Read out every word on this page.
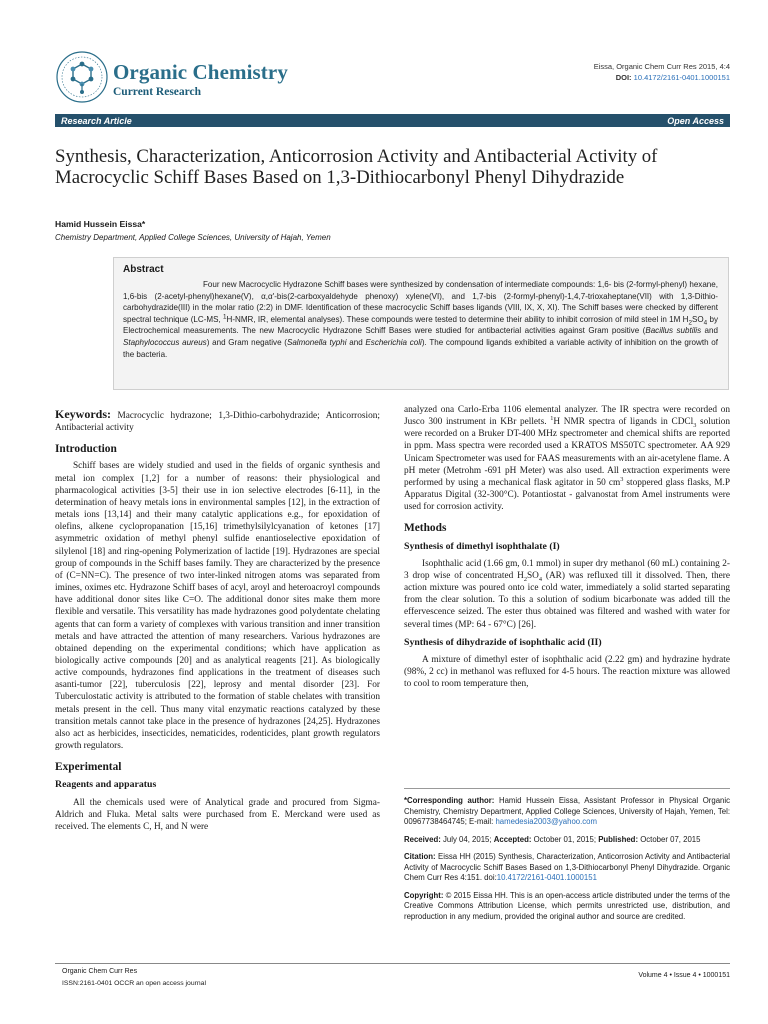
Organic Chemistry
Current Research
Eissa, Organic Chem Curr Res 2015, 4:4
DOI: 10.4172/2161-0401.1000151
Research Article	Open Access
Synthesis, Characterization, Anticorrosion Activity and Antibacterial Activity of Macrocyclic Schiff Bases Based on 1,3-Dithiocarbonyl Phenyl Dihydrazide
Hamid Hussein Eissa*
Chemistry Department, Applied College Sciences, University of Hajah, Yemen
Abstract
Four new Macrocyclic Hydrazone Schiff bases were synthesized by condensation of intermediate compounds: 1,6- bis (2-formyl-phenyl) hexane, 1,6-bis (2-acetyl-phenyl)hexane(V), α,α'-bis(2-carboxyaldehyde phenoxy) xylene(VI), and 1,7-bis (2-formyl-phenyl)-1,4,7-trioxaheptane(VII) with 1,3-Dithio-carbohydrazide(III) in the molar ratio (2:2) in DMF. Identification of these macrocyclic Schiff bases ligands (VIII, IX, X, XI). The Schiff bases were checked by different spectral technique (LC-MS, $^1$H-NMR, IR, elemental analyses). These compounds were tested to determine their ability to inhibit corrosion of mild steel in 1M $H_2SO_4$ by Electrochemical measurements. The new Macrocyclic Hydrazone Schiff Bases were studied for antibacterial activities against Gram positive (Bacillus subtilis and Staphylococcus aureus) and Gram negative (Salmonella typhi and Escherichia coli). The compound ligands exhibited a variable activity of inhibition on the growth of the bacteria.

Keywords: Macrocyclic hydrazone; 1,3-Dithio-carbohydrazide; Anticorrosion; Antibacterial activity

Introduction

Schiff bases are widely studied and used in the fields of organic synthesis and metal ion complex [1,2] for a number of reasons: their physiological and pharmacological activities [3-5] their use in ion selective electrodes [6-11], in the determination of heavy metals ions in environmental samples [12], in the extraction of metals ions [13,14] and their many catalytic applications e.g., for epoxidation of olefins, alkene cyclopropanation [15,16] trimethylsilylcyanation of ketones [17] asymmetric oxidation of methyl phenyl sulfide enantioselective epoxidation of silylenol [18] and ring-opening Polymerization of lactide [19]. Hydrazones are special group of compounds in the Schiff bases family. They are characterized by the presence of (C=NN=C). The presence of two inter-linked nitrogen atoms was separated from imines, oximes etc. Hydrazone Schiff bases of acyl, aroyl and heteroacroyl compounds have additional donor sites like C=O. The additional donor sites make them more flexible and versatile. This versatility has made hydrazones good polydentate chelating agents that can form a variety of complexes with various transition and inner transition metals and have attracted the attention of many researchers. Various hydrazones are obtained depending on the experimental conditions; which have application as biologically active compounds [20] and as analytical reagents [21]. As biologically active compounds, hydrazones find applications in the treatment of diseases such asanti-tumor [22], tuberculosis [22], leprosy and mental disorder [23]. For Tuberculostatic activity is attributed to the formation of stable chelates with transition metals present in the cell. Thus many vital enzymatic reactions catalyzed by these transition metals cannot take place in the presence of hydrazones [24,25]. Hydrazones also act as herbicides, insecticides, nematicides, rodenticides, plant growth regulators growth regulators.

Experimental
Reagents and apparatus

All the chemicals used were of Analytical grade and procured from Sigma-Aldrich and Fluka. Metal salts were purchased from E. Merckand were used as received. The elements C, H, and N were

analyzed ona Carlo-Erba 1106 elemental analyzer. The IR spectra were recorded on Jusco 300 instrument in KBr pellets. $^1$H NMR spectra of ligands in CDCl$_3$ solution were recorded on a Bruker DT-400 MHz spectrometer and chemical shifts are reported in ppm. Mass spectra were recorded used a KRATOS MS50TC spectrometer. AA 929 Unicam Spectrometer was used for FAAS measurements with an air-acetylene flame. A pH meter (Metrohm -691 pH Meter) was also used. All extraction experiments were performed by using a mechanical flask agitator in 50 $cm^3$ stoppered glass flasks, M.P Apparatus Digital (32-300°C). Potantiostat - galvanostat from Amel instruments were used for corrosion activity.

Methods
Synthesis of dimethyl isophthalate (I)

Isophthalic acid (1.66 gm, 0.1 mmol) in super dry methanol (60 mL) containing 2-3 drop wise of concentrated $H_2SO_4$ (AR) was refluxed till it dissolved. Then, there action mixture was poured onto ice cold water, immediately a solid started separating from the clear solution. To this a solution of sodium bicarbonate was added till the effervescence seized. The ester thus obtained was filtered and washed with water for several times (MP: 64 - 67°C) [26].

Synthesis of dihydrazide of isophthalic acid (II)

A mixture of dimethyl ester of isophthalic acid (2.22 gm) and hydrazine hydrate (98%, 2 cc) in methanol was refluxed for 4-5 hours. The reaction mixture was allowed to cool to room temperature then,

*Corresponding author: Hamid Hussein Eissa, Assistant Professor in Physical Organic Chemistry, Chemistry Department, Applied College Sciences, University of Hajah, Yemen, Tel: 00967738464745; E-mail: hamedesia2003@yahoo.com
Received: July 04, 2015; Accepted: October 01, 2015; Published: October 07, 2015
Citation: Eissa HH (2015) Synthesis, Characterization, Anticorrosion Activity and Antibacterial Activity of Macrocyclic Schiff Bases Based on 1,3-Dithiocarbonyl Phenyl Dihydrazide. Organic Chem Curr Res 4:151. doi:10.4172/2161-0401.1000151
Copyright: © 2015 Eissa HH. This is an open-access article distributed under the terms of the Creative Commons Attribution License, which permits unrestricted use, distribution, and reproduction in any medium, provided the original author and source are credited.
Organic Chem Curr Res
ISSN:2161-0401 OCCR an open access journal
Volume 4 • Issue 4 • 1000151
